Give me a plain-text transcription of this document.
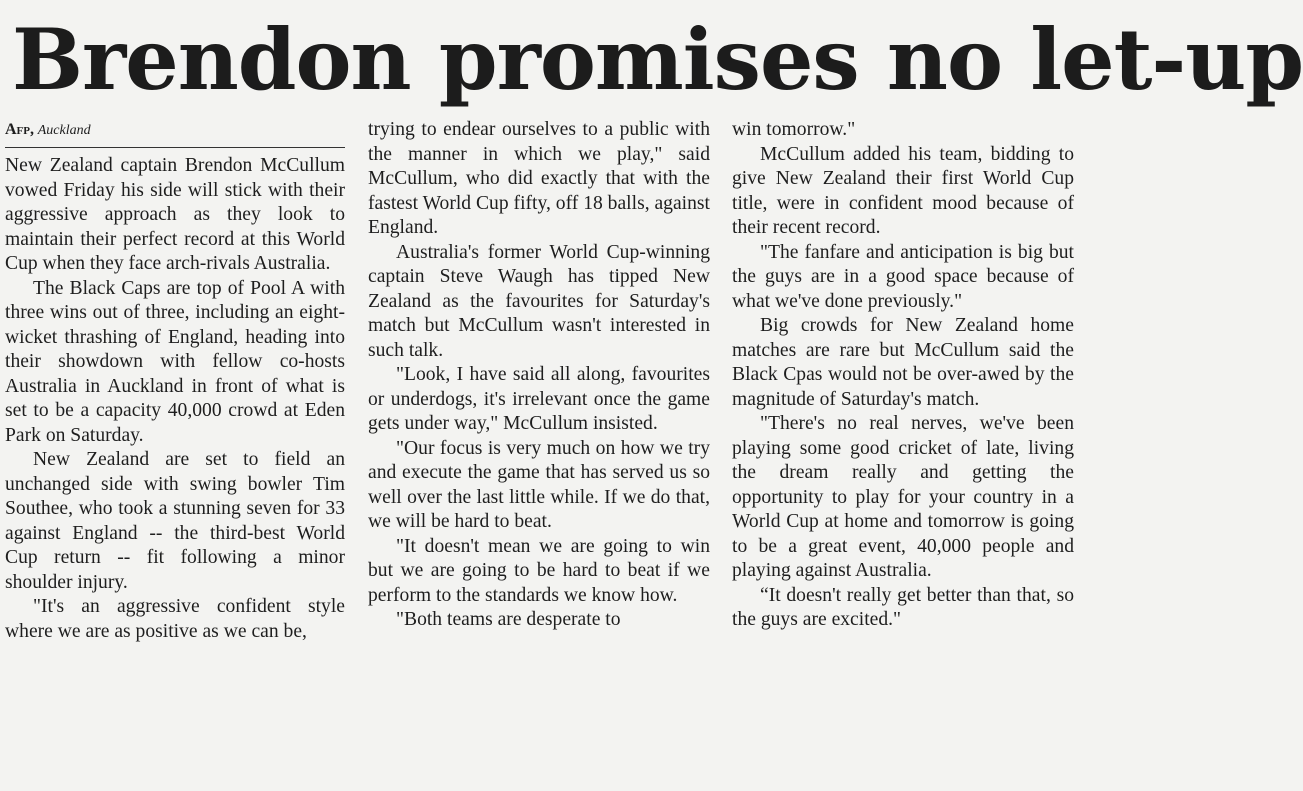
Brendon promises no let-up
Afp, Auckland

New Zealand captain Brendon McCullum vowed Friday his side will stick with their aggressive approach as they look to maintain their perfect record at this World Cup when they face arch-rivals Australia.

The Black Caps are top of Pool A with three wins out of three, including an eight-wicket thrashing of England, heading into their showdown with fellow co-hosts Australia in Auckland in front of what is set to be a capacity 40,000 crowd at Eden Park on Saturday.

New Zealand are set to field an unchanged side with swing bowler Tim Southee, who took a stunning seven for 33 against England -- the third-best World Cup return -- fit following a minor shoulder injury.

"It's an aggressive confident style where we are as positive as we can be,

trying to endear ourselves to a public with the manner in which we play," said McCullum, who did exactly that with the fastest World Cup fifty, off 18 balls, against England.

Australia's former World Cup-winning captain Steve Waugh has tipped New Zealand as the favourites for Saturday's match but McCullum wasn't interested in such talk.

"Look, I have said all along, favourites or underdogs, it's irrelevant once the game gets under way," McCullum insisted.

"Our focus is very much on how we try and execute the game that has served us so well over the last little while. If we do that, we will be hard to beat.

"It doesn't mean we are going to win but we are going to be hard to beat if we perform to the standards we know how.

"Both teams are desperate to

win tomorrow."

McCullum added his team, bidding to give New Zealand their first World Cup title, were in confident mood because of their recent record.

"The fanfare and anticipation is big but the guys are in a good space because of what we've done previously."

Big crowds for New Zealand home matches are rare but McCullum said the Black Cpas would not be over-awed by the magnitude of Saturday's match.

"There's no real nerves, we've been playing some good cricket of late, living the dream really and getting the opportunity to play for your country in a World Cup at home and tomorrow is going to be a great event, 40,000 people and playing against Australia.

“It doesn't really get better than that, so the guys are excited."
